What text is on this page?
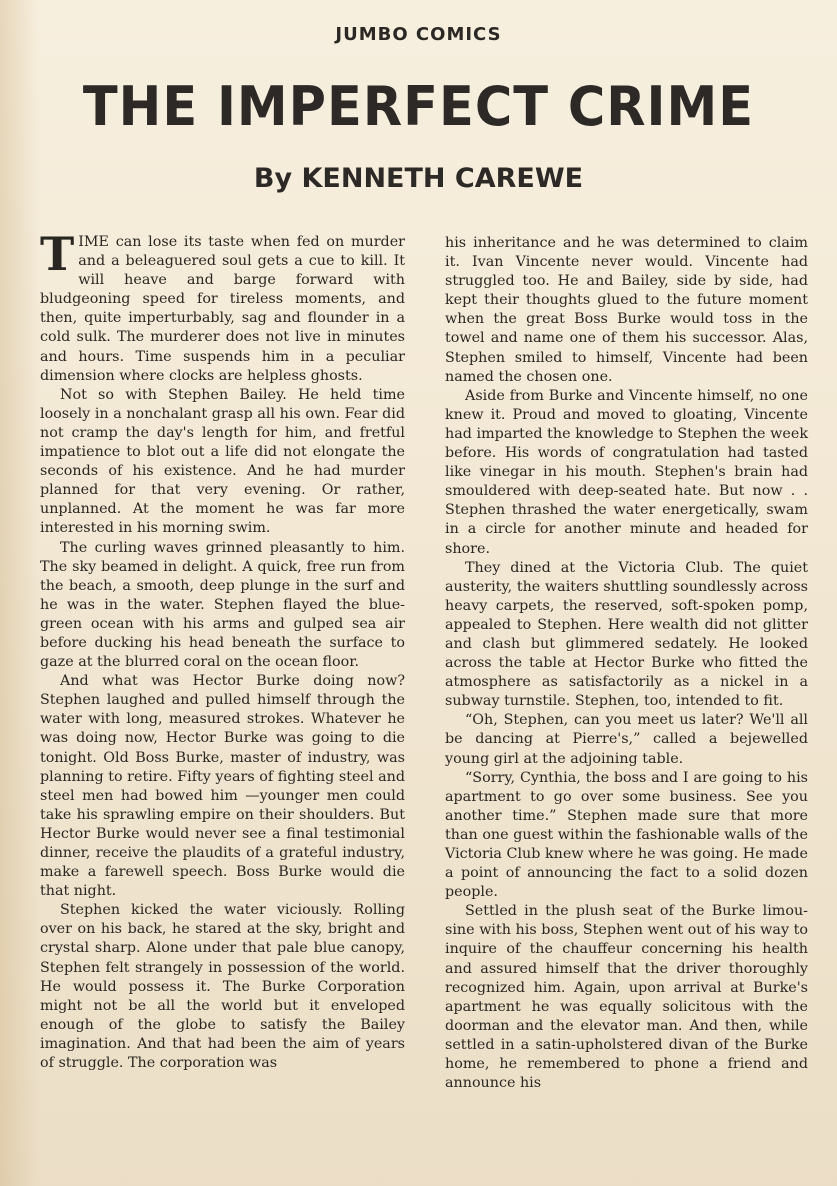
JUMBO COMICS
THE IMPERFECT CRIME
By KENNETH CAREWE

TIME can lose its taste when fed on murder and a beleaguered soul gets a cue to kill. It will heave and barge forward with bludgeoning speed for tireless moments, and then, quite imperturbably, sag and flounder in a cold sulk. The murderer does not live in minutes and hours. Time suspends him in a peculiar dimension where clocks are helpless ghosts.

Not so with Stephen Bailey. He held time loosely in a nonchalant grasp all his own. Fear did not cramp the day's length for him, and fretful impatience to blot out a life did not elongate the seconds of his existence. And he had murder planned for that very evening. Or rather, unplanned. At the moment he was far more interested in his morning swim.

The curling waves grinned pleasantly to him. The sky beamed in delight. A quick, free run from the beach, a smooth, deep plunge in the surf and he was in the water. Stephen flayed the blue-green ocean with his arms and gulped sea air before ducking his head beneath the surface to gaze at the blurred coral on the ocean floor.

And what was Hector Burke doing now? Stephen laughed and pulled himself through the water with long, measured strokes. Whatever he was doing now, Hector Burke was going to die tonight. Old Boss Burke, master of industry, was planning to retire. Fifty years of fighting steel and steel men had bowed him —younger men could take his sprawling empire on their shoulders. But Hector Burke would never see a final testimonial dinner, receive the plaudits of a grateful industry, make a farewell speech. Boss Burke would die that night.

Stephen kicked the water viciously. Rolling over on his back, he stared at the sky, bright and crystal sharp. Alone under that pale blue canopy, Stephen felt strangely in possession of the world. He would possess it. The Burke Corporation might not be all the world but it enveloped enough of the globe to satisfy the Bailey imagination. And that had been the aim of years of struggle. The corporation was

his inheritance and he was determined to claim it. Ivan Vincente never would. Vincente had struggled too. He and Bailey, side by side, had kept their thoughts glued to the future moment when the great Boss Burke would toss in the towel and name one of them his successor. Alas, Stephen smiled to himself, Vincente had been named the chosen one.

Aside from Burke and Vincente himself, no one knew it. Proud and moved to gloating, Vincente had imparted the knowledge to Stephen the week before. His words of congratulation had tasted like vinegar in his mouth. Stephen's brain had smouldered with deep-seated hate. But now . . Stephen thrashed the water energetically, swam in a circle for another minute and headed for shore.

They dined at the Victoria Club. The quiet austerity, the waiters shuttling soundlessly across heavy carpets, the reserved, soft-spoken pomp, appealed to Stephen. Here wealth did not glitter and clash but glimmered sedately. He looked across the table at Hector Burke who fitted the atmosphere as satisfactorily as a nickel in a subway turnstile. Stephen, too, intended to fit.

“Oh, Stephen, can you meet us later? We'll all be dancing at Pierre's,” called a bejewelled young girl at the adjoining table.

“Sorry, Cynthia, the boss and I are going to his apartment to go over some business. See you another time.” Stephen made sure that more than one guest within the fashionable walls of the Victoria Club knew where he was going. He made a point of announcing the fact to a solid dozen people.

Settled in the plush seat of the Burke limousine with his boss, Stephen went out of his way to inquire of the chauffeur concerning his health and assured himself that the driver thoroughly recognized him. Again, upon arrival at Burke's apartment he was equally solicitous with the doorman and the elevator man. And then, while settled in a satin-upholstered divan of the Burke home, he remembered to phone a friend and announce his
